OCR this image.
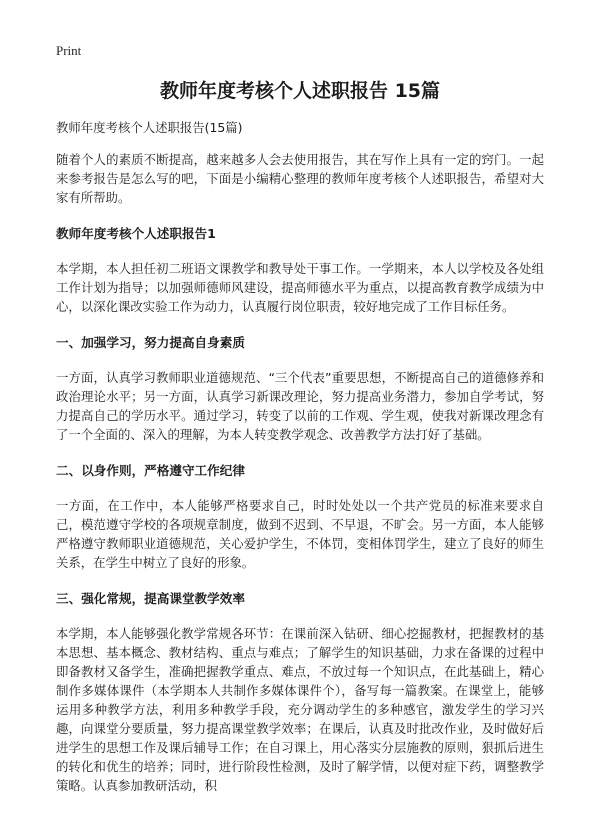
Print
教师年度考核个人述职报告 15篇

教师年度考核个人述职报告(15篇)

随着个人的素质不断提高，越来越多人会去使用报告，其在写作上具有一定的窍门。一起来参考报告是怎么写的吧，下面是小编精心整理的教师年度考核个人述职报告，希望对大家有所帮助。

教师年度考核个人述职报告1

本学期，本人担任初二班语文课教学和教导处干事工作。一学期来，本人以学校及各处组工作计划为指导；以加强师德师风建设，提高师德水平为重点，以提高教育教学成绩为中心，以深化课改实验工作为动力，认真履行岗位职责，较好地完成了工作目标任务。

一、加强学习，努力提高自身素质

一方面，认真学习教师职业道德规范、“三个代表”重要思想，不断提高自己的道德修养和政治理论水平；另一方面，认真学习新课改理论，努力提高业务潜力，参加自学考试，努力提高自己的学历水平。通过学习，转变了以前的工作观、学生观，使我对新课改理念有了一个全面的、深入的理解，为本人转变教学观念、改善教学方法打好了基础。

二、以身作则，严格遵守工作纪律

一方面，在工作中，本人能够严格要求自己，时时处处以一个共产党员的标准来要求自己，模范遵守学校的各项规章制度，做到不迟到、不早退，不旷会。另一方面，本人能够严格遵守教师职业道德规范，关心爱护学生，不体罚，变相体罚学生，建立了良好的师生关系，在学生中树立了良好的形象。

三、强化常规，提高课堂教学效率

本学期，本人能够强化教学常规各环节：在课前深入钻研、细心挖掘教材，把握教材的基本思想、基本概念、教材结构、重点与难点；了解学生的知识基础，力求在备课的过程中即备教材又备学生，准确把握教学重点、难点，不放过每一个知识点，在此基础上，精心制作多媒体课件（本学期本人共制作多媒体课件个），备写每一篇教案。在课堂上，能够运用多种教学方法，利用多种教学手段，充分调动学生的多种感官，激发学生的学习兴趣，向课堂分要质量，努力提高课堂教学效率；在课后，认真及时批改作业，及时做好后进学生的思想工作及课后辅导工作；在自习课上，用心落实分层施教的原则，狠抓后进生的转化和优生的培养；同时，进行阶段性检测，及时了解学情，以便对症下药，调整教学策略。认真参加教研活动，积
